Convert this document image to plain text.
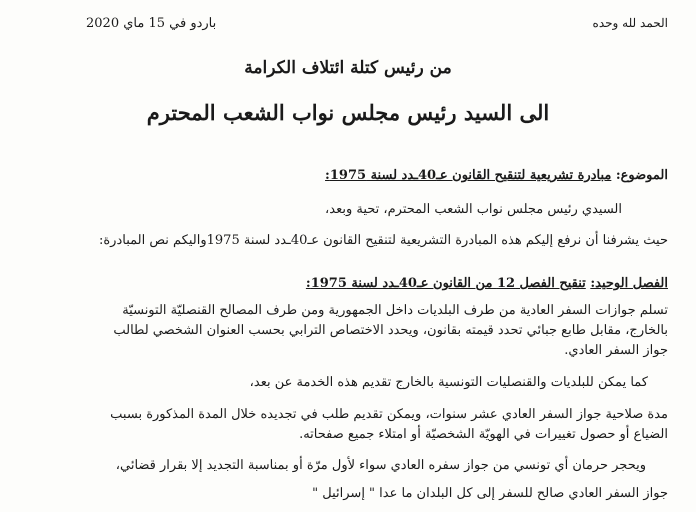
الحمد لله وحده
باردو في 15 ماي 2020
من رئيس كتلة ائتلاف الكرامة
الى السيد رئيس مجلس نواب الشعب المحترم
الموضوع: مبادرة تشريعية لتنقيح القانون عـ40ـدد لسنة 1975:
السيدي رئيس مجلس نواب الشعب المحترم، تحية وبعد،
حيث يشرفنا أن نرفع إليكم هذه المبادرة التشريعية لتنقيح القانون عـ40ـدد لسنة 1975واليكم نص المبادرة:
الفصل الوحيد: تنقيح الفصل 12 من القانون عـ40ـدد لسنة 1975:
تسلم جوازات السفر العادية من طرف البلديات داخل الجمهورية ومن طرف المصالح القنصليّة التونسيّة
بالخارج، مقابل طابع جبائي تحدد قيمته بقانون، ويحدد الاختصاص الترابي بحسب العنوان الشخصي لطالب
جواز السفر العادي.
كما يمكن للبلديات والقنصليات التونسية بالخارج تقديم هذه الخدمة عن بعد،
مدة صلاحية جواز السفر العادي عشر سنوات، ويمكن تقديم طلب في تجديده خلال المدة المذكورة بسبب
الضياع أو حصول تغييرات في الهويّة الشخصيّة أو امتلاء جميع صفحاته.
ويحجر حرمان أي تونسي من جواز سفره العادي سواء لأول مرّة أو بمناسبة التجديد إلا بقرار قضائي،
جواز السفر العادي صالح للسفر إلى كل البلدان ما عدا " إسرائيل "
